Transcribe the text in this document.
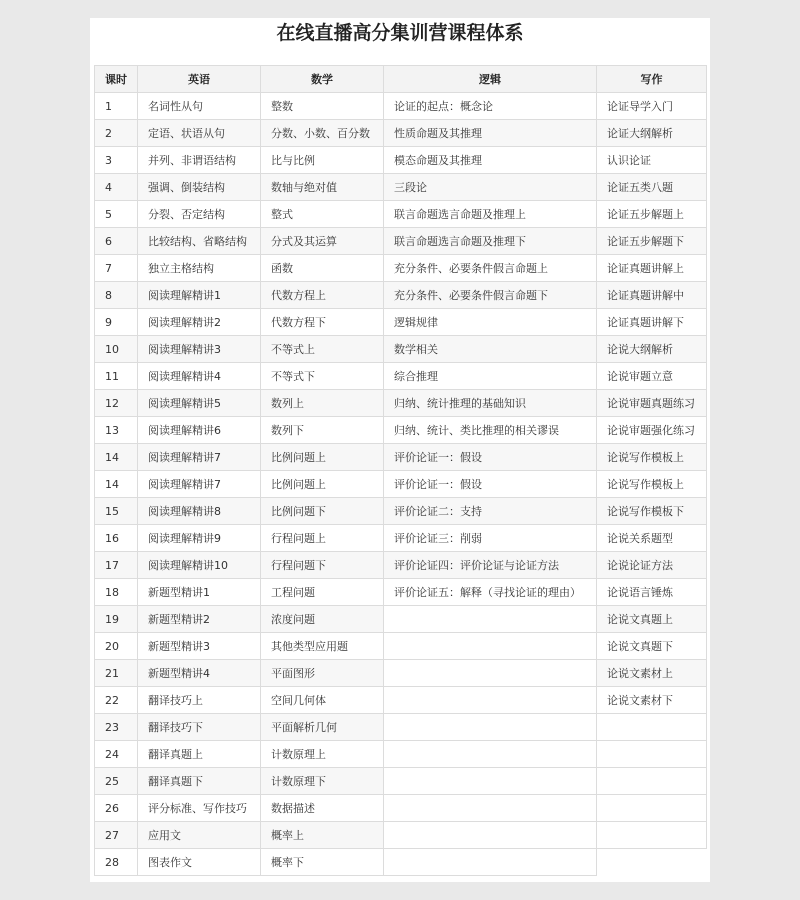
在线直播高分集训营课程体系
课时	英语	数学	逻辑	写作
1	名词性从句	整数	论证的起点：概念论	论证导学入门
2	定语、状语从句	分数、小数、百分数	性质命题及其推理	论证大纲解析
3	并列、非谓语结构	比与比例	模态命题及其推理	认识论证
4	强调、倒装结构	数轴与绝对值	三段论	论证五类八题
5	分裂、否定结构	整式	联言命题选言命题及推理上	论证五步解题上
6	比较结构、省略结构	分式及其运算	联言命题选言命题及推理下	论证五步解题下
7	独立主格结构	函数	充分条件、必要条件假言命题上	论证真题讲解上
8	阅读理解精讲1	代数方程上	充分条件、必要条件假言命题下	论证真题讲解中
9	阅读理解精讲2	代数方程下	逻辑规律	论证真题讲解下
10	阅读理解精讲3	不等式上	数学相关	论说大纲解析
11	阅读理解精讲4	不等式下	综合推理	论说审题立意
12	阅读理解精讲5	数列上	归纳、统计推理的基础知识	论说审题真题练习
13	阅读理解精讲6	数列下	归纳、统计、类比推理的相关谬误	论说审题强化练习
14	阅读理解精讲7	比例问题上	评价论证一：假设	论说写作模板上
14	阅读理解精讲7	比例问题上	评价论证一：假设	论说写作模板上
15	阅读理解精讲8	比例问题下	评价论证二：支持	论说写作模板下
16	阅读理解精讲9	行程问题上	评价论证三：削弱	论说关系题型
17	阅读理解精讲10	行程问题下	评价论证四：评价论证与论证方法	论说论证方法
18	新题型精讲1	工程问题	评价论证五：解释（寻找论证的理由）	论说语言锤炼
19	新题型精讲2	浓度问题		论说文真题上
20	新题型精讲3	其他类型应用题		论说文真题下
21	新题型精讲4	平面图形		论说文素材上
22	翻译技巧上	空间几何体		论说文素材下
23	翻译技巧下	平面解析几何		
24	翻译真题上	计数原理上		
25	翻译真题下	计数原理下		
26	评分标准、写作技巧	数据描述		
27	应用文	概率上		
28	图表作文	概率下		
